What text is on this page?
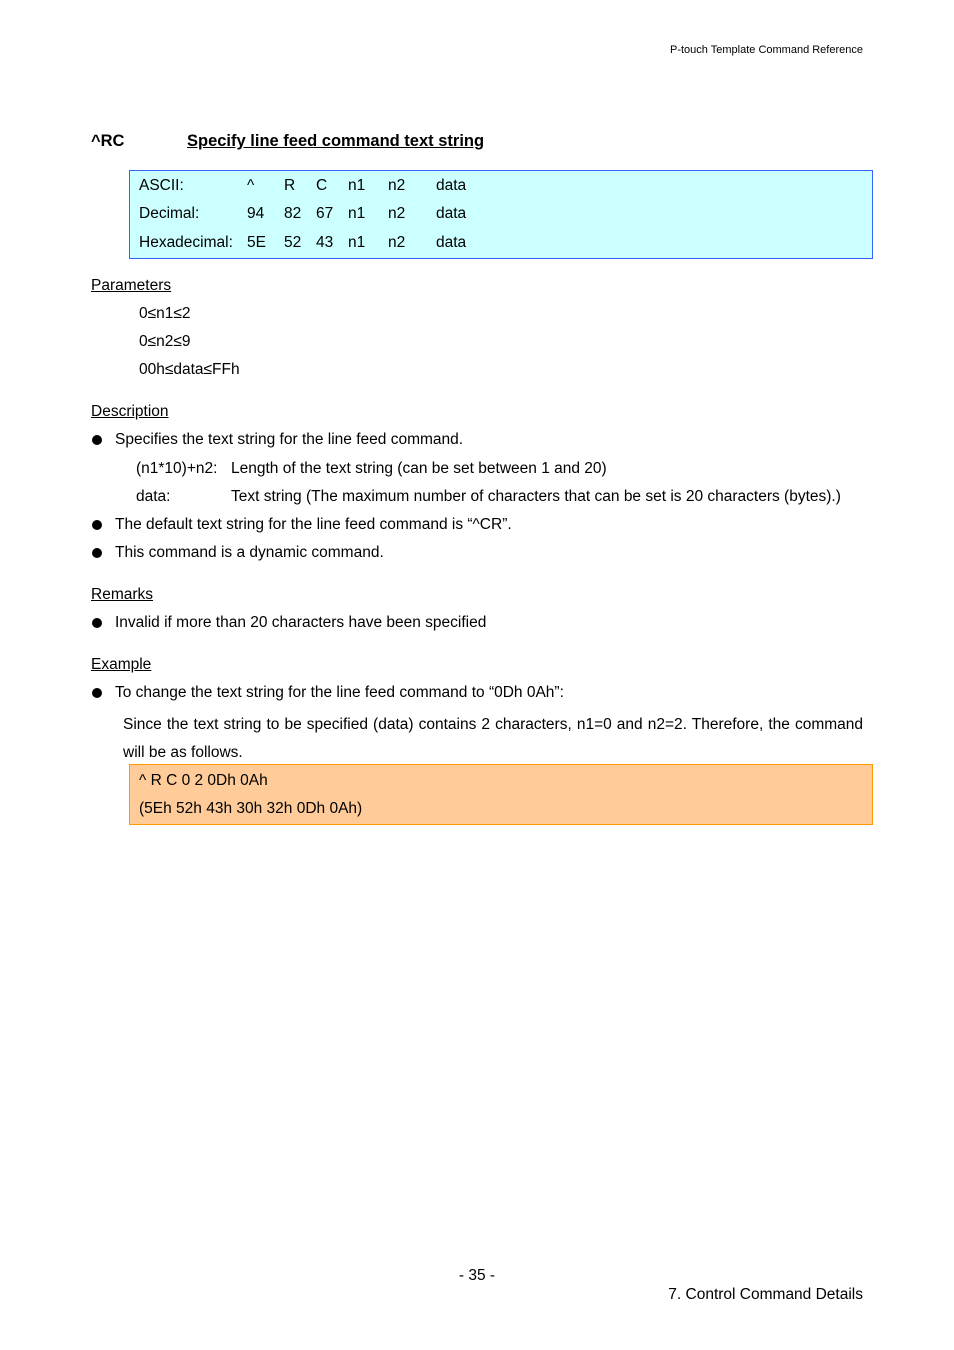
P-touch Template Command Reference
^RC	Specify line feed command text string
ASCII:	^ R C n1 n2 data
Decimal:	94 82 67 n1 n2 data
Hexadecimal: 5E 52 43 n1 n2 data
Parameters
0≤n1≤2
0≤n2≤9
00h≤data≤FFh
Description
Specifies the text string for the line feed command.
(n1*10)+n2: Length of the text string (can be set between 1 and 20)
data:	Text string (The maximum number of characters that can be set is 20 characters (bytes).)
The default text string for the line feed command is “^CR”.
This command is a dynamic command.
Remarks
Invalid if more than 20 characters have been specified
Example
To change the text string for the line feed command to “0Dh 0Ah”:
Since the text string to be specified (data) contains 2 characters, n1=0 and n2=2. Therefore, the command will be as follows.
^ R C 0 2 0Dh 0Ah
(5Eh 52h 43h 30h 32h 0Dh 0Ah)
- 35 -
7. Control Command Details
